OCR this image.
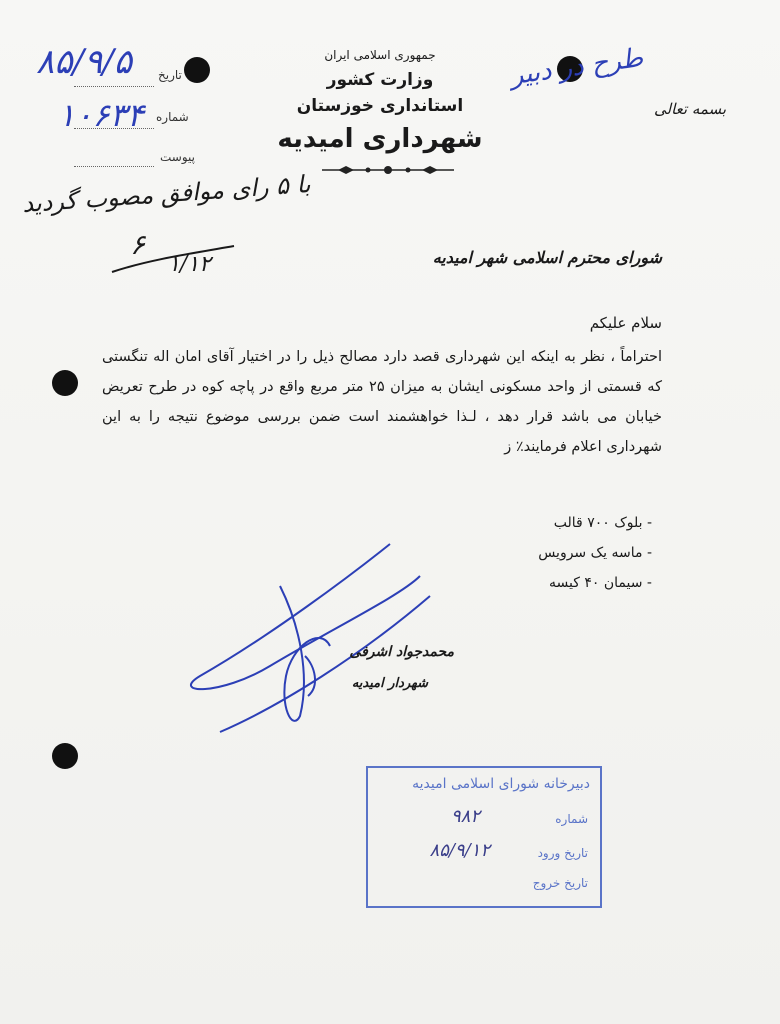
جمهوری اسلامی ایران
وزارت کشور
استانداری خوزستان
شهرداری امیدیه
تاریخ
شماره
پیوست
۸۵/۹/۵
۱۰۶۳۴
طرح در دبیر
بسمه تعالی
با ۵ رای موافق مصوب گردید
۶
۱/۱۲	شورای محترم اسلامی شهر امیدیه
سلام علیکم
احتراماً ، نظر به اینکه این شهرداری قصد دارد مصالح ذیل را در اختیار آقای امان اله تنگستی که قسمتی از واحد مسکونی ایشان به میزان ۲۵ متر مربع واقع در پاچه کوه در طرح تعریض خیابان می باشد قرار دهد ، لـذا خواهشمند است ضمن بررسی موضوع نتیجه را به این شهرداری اعلام فرمایند٪ ز
- بلوک ۷۰۰ قالب
- ماسه یک سرویس
- سیمان ۴۰ کیسه
محمدجواد اشرفی
شهردار امیدیه
دبیرخانه شورای اسلامی امیدیه
شماره
۹۸۲
تاریخ ورود
۸۵/۹/۱۲
تاریخ خروج
